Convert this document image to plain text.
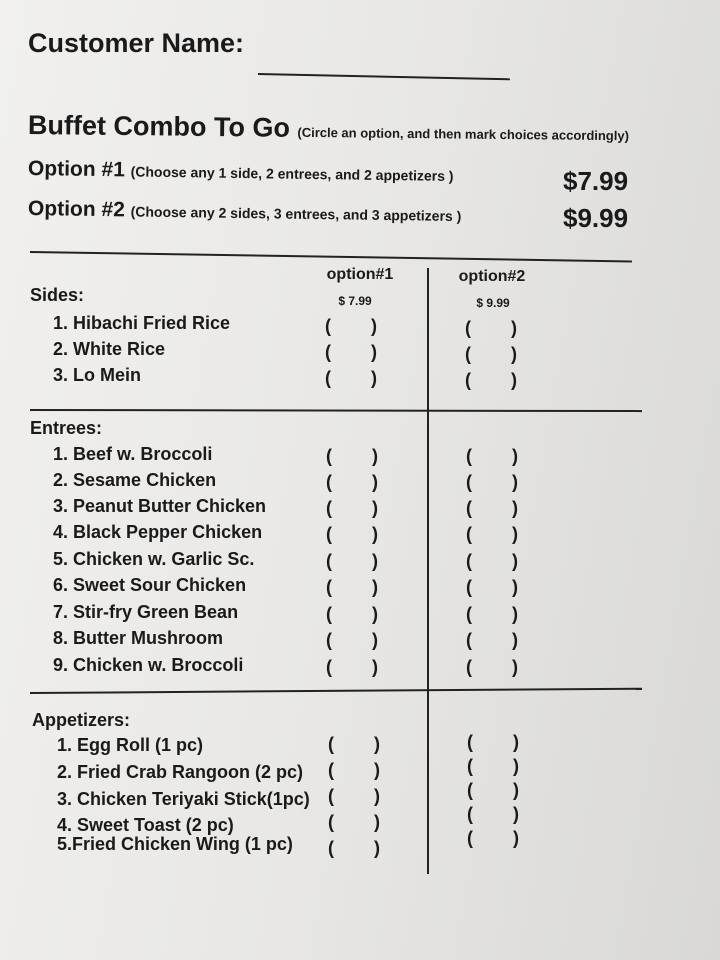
Customer Name:
Buffet Combo To Go (Circle an option, and then mark choices accordingly)
Option #1 (Choose any 1 side, 2 entrees, and 2 appetizers )	$7.99
Option #2 (Choose any 2 sides, 3 entrees, and 3 appetizers )	$9.99
option#1
$ 7.99
option#2
$ 9.99
Sides:
1. Hibachi Fried Rice
2. White Rice
3. Lo Mein
( )
( )
( )
( )
( )
( )
Entrees:
1. Beef w. Broccoli
2. Sesame Chicken
3. Peanut Butter Chicken
4. Black Pepper Chicken
5. Chicken w. Garlic Sc.
6. Sweet Sour Chicken
7. Stir-fry Green Bean
8. Butter Mushroom
9. Chicken w. Broccoli
( )
( )
( )
( )
( )
( )
( )
( )
( )
( )
( )
( )
( )
( )
( )
( )
( )
( )
Appetizers:
1. Egg Roll (1 pc)
2. Fried Crab Rangoon (2 pc)
3. Chicken Teriyaki Stick(1pc)
4. Sweet Toast (2 pc)
5.Fried Chicken Wing (1 pc)
( )
( )
( )
( )
( )
( )
( )
( )
( )
( )
